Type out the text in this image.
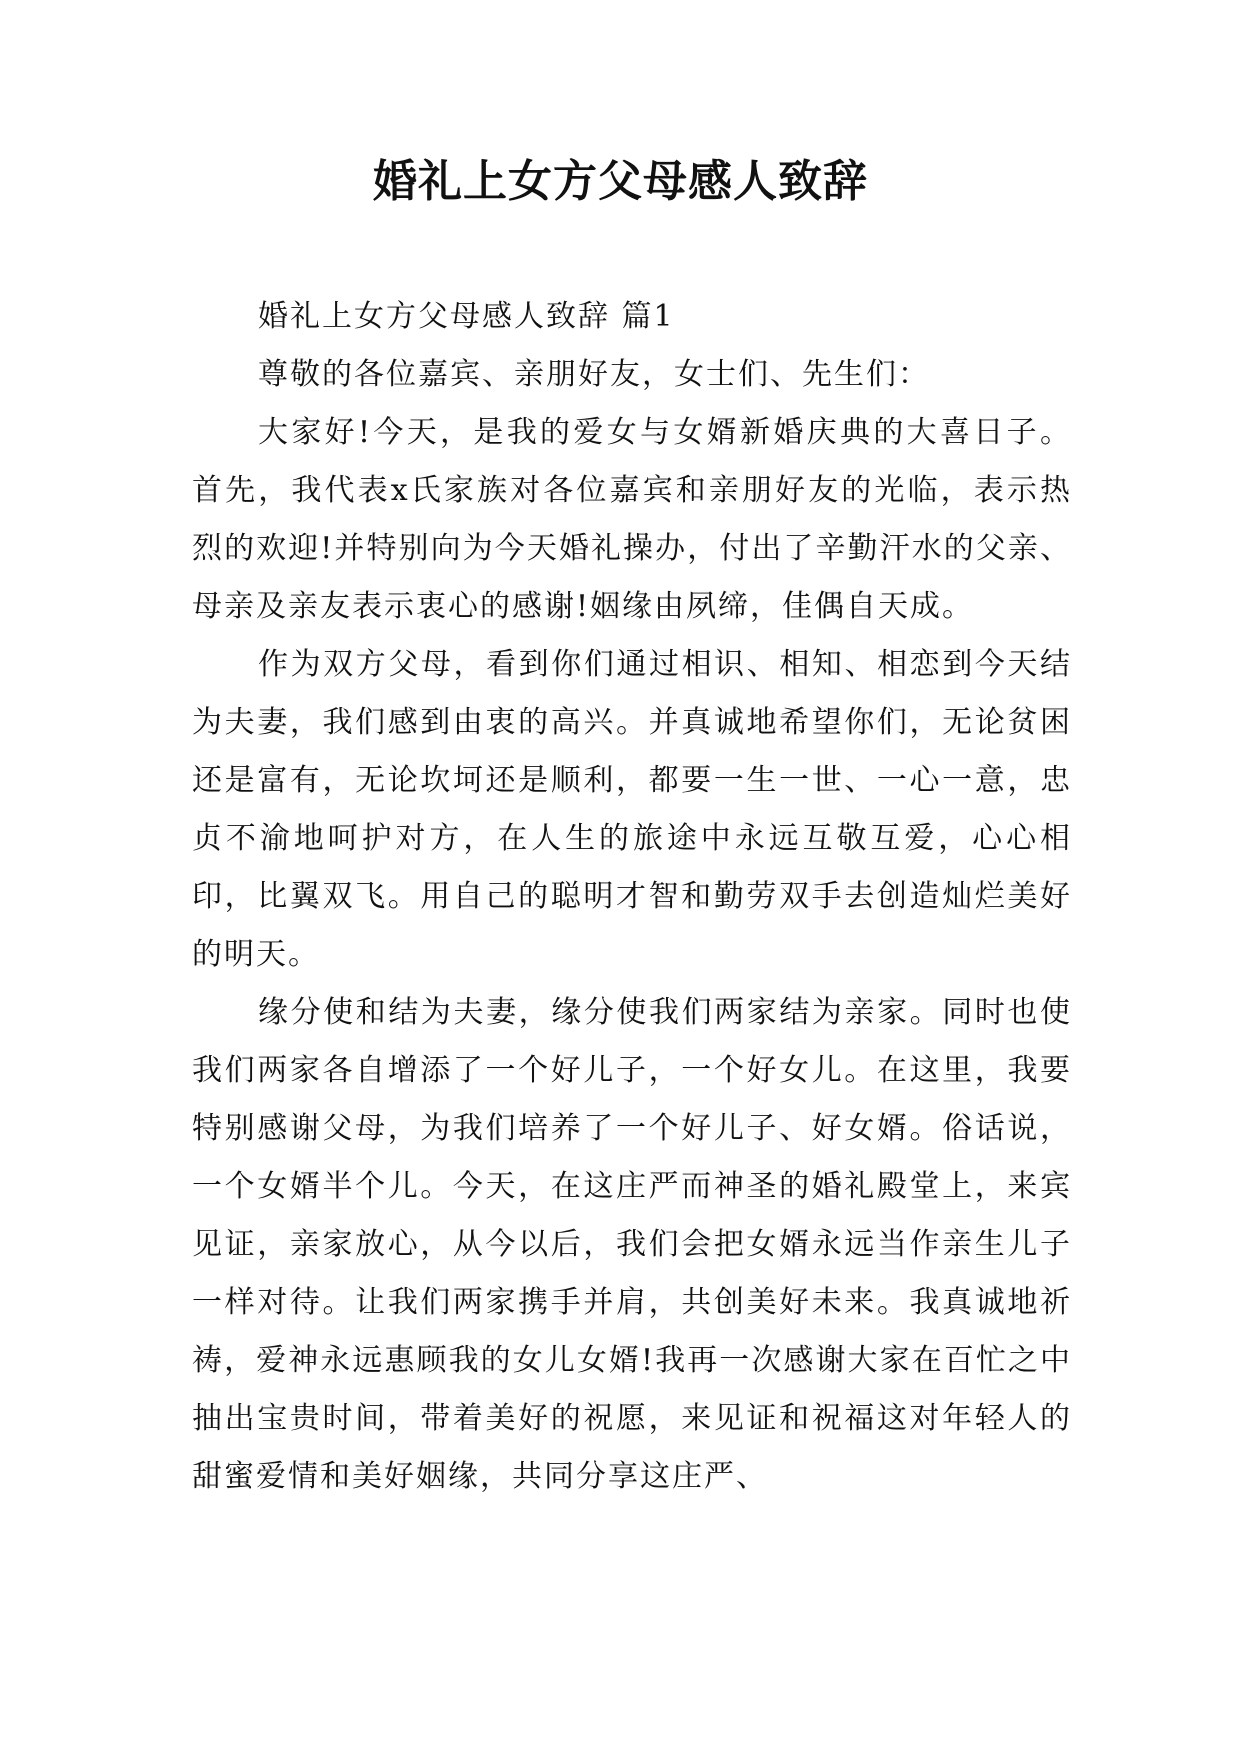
婚礼上女方父母感人致辞

婚礼上女方父母感人致辞 篇1

尊敬的各位嘉宾、亲朋好友，女士们、先生们：

大家好!今天，是我的爱女与女婿新婚庆典的大喜日子。首先，我代表x氏家族对各位嘉宾和亲朋好友的光临，表示热烈的欢迎!并特别向为今天婚礼操办，付出了辛勤汗水的父亲、母亲及亲友表示衷心的感谢!姻缘由夙缔，佳偶自天成。

作为双方父母，看到你们通过相识、相知、相恋到今天结为夫妻，我们感到由衷的高兴。并真诚地希望你们，无论贫困还是富有，无论坎坷还是顺利，都要一生一世、一心一意，忠贞不渝地呵护对方，在人生的旅途中永远互敬互爱，心心相印，比翼双飞。用自己的聪明才智和勤劳双手去创造灿烂美好的明天。

缘分使和结为夫妻，缘分使我们两家结为亲家。同时也使我们两家各自增添了一个好儿子，一个好女儿。在这里，我要特别感谢父母，为我们培养了一个好儿子、好女婿。俗话说，一个女婿半个儿。今天，在这庄严而神圣的婚礼殿堂上，来宾见证，亲家放心，从今以后，我们会把女婿永远当作亲生儿子一样对待。让我们两家携手并肩，共创美好未来。我真诚地祈祷，爱神永远惠顾我的女儿女婿!我再一次感谢大家在百忙之中抽出宝贵时间，带着美好的祝愿，来见证和祝福这对年轻人的甜蜜爱情和美好姻缘，共同分享这庄严、
